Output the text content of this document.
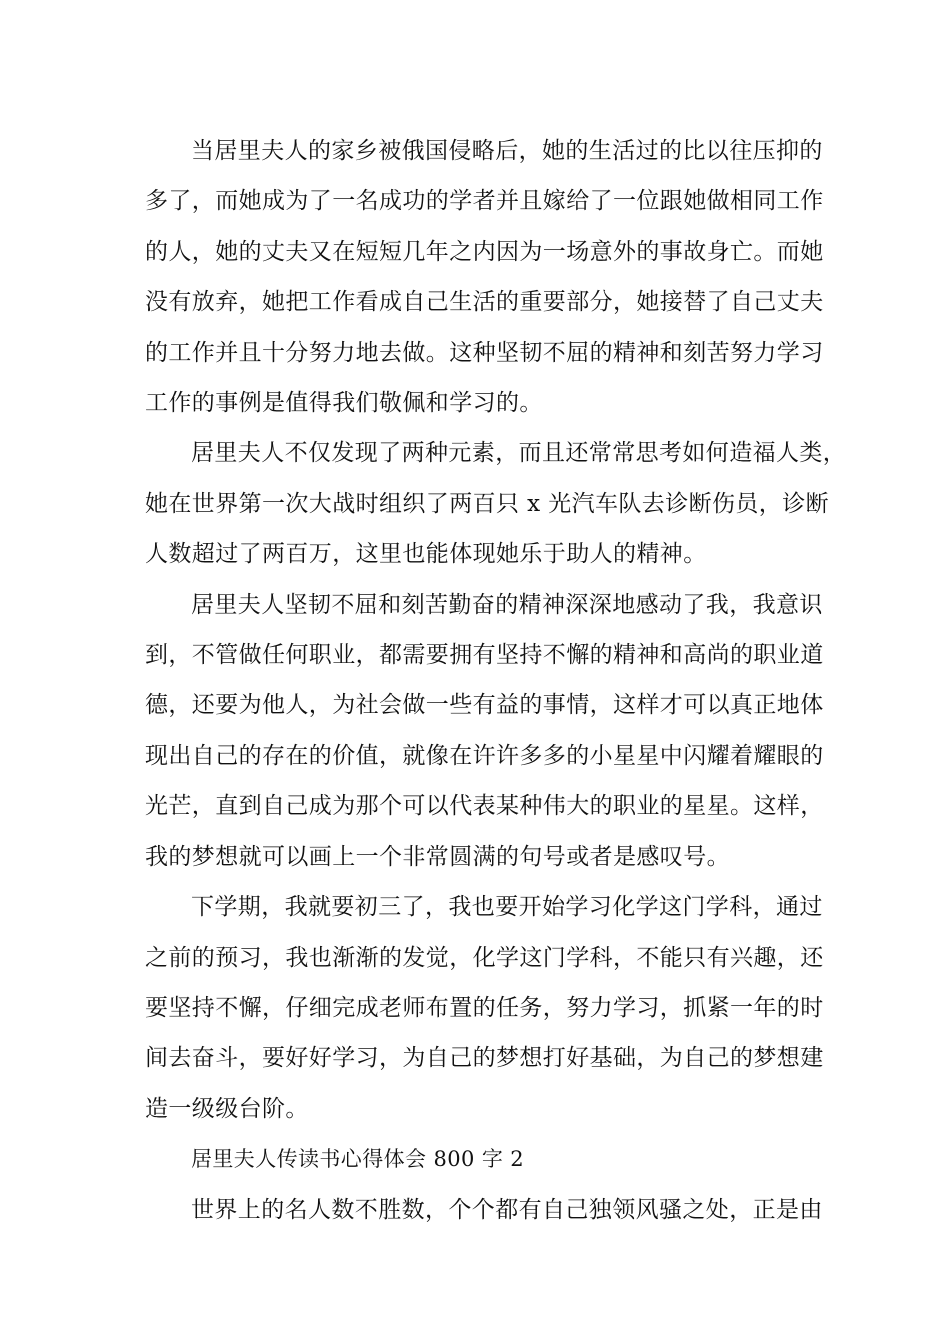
当居里夫人的家乡被俄国侵略后，她的生活过的比以往压抑的
多了，而她成为了一名成功的学者并且嫁给了一位跟她做相同工作
的人，她的丈夫又在短短几年之内因为一场意外的事故身亡。而她
没有放弃，她把工作看成自己生活的重要部分，她接替了自己丈夫
的工作并且十分努力地去做。这种坚韧不屈的精神和刻苦努力学习
工作的事例是值得我们敬佩和学习的。
居里夫人不仅发现了两种元素，而且还常常思考如何造福人类，
她在世界第一次大战时组织了两百只 x 光汽车队去诊断伤员，诊断
人数超过了两百万，这里也能体现她乐于助人的精神。
居里夫人坚韧不屈和刻苦勤奋的精神深深地感动了我，我意识
到，不管做任何职业，都需要拥有坚持不懈的精神和高尚的职业道
德，还要为他人，为社会做一些有益的事情，这样才可以真正地体
现出自己的存在的价值，就像在许许多多的小星星中闪耀着耀眼的
光芒，直到自己成为那个可以代表某种伟大的职业的星星。这样，
我的梦想就可以画上一个非常圆满的句号或者是感叹号。
下学期，我就要初三了，我也要开始学习化学这门学科，通过
之前的预习，我也渐渐的发觉，化学这门学科，不能只有兴趣，还
要坚持不懈，仔细完成老师布置的任务，努力学习，抓紧一年的时
间去奋斗，要好好学习，为自己的梦想打好基础，为自己的梦想建
造一级级台阶。
居里夫人传读书心得体会 800 字 2
世界上的名人数不胜数，个个都有自己独领风骚之处，正是由
